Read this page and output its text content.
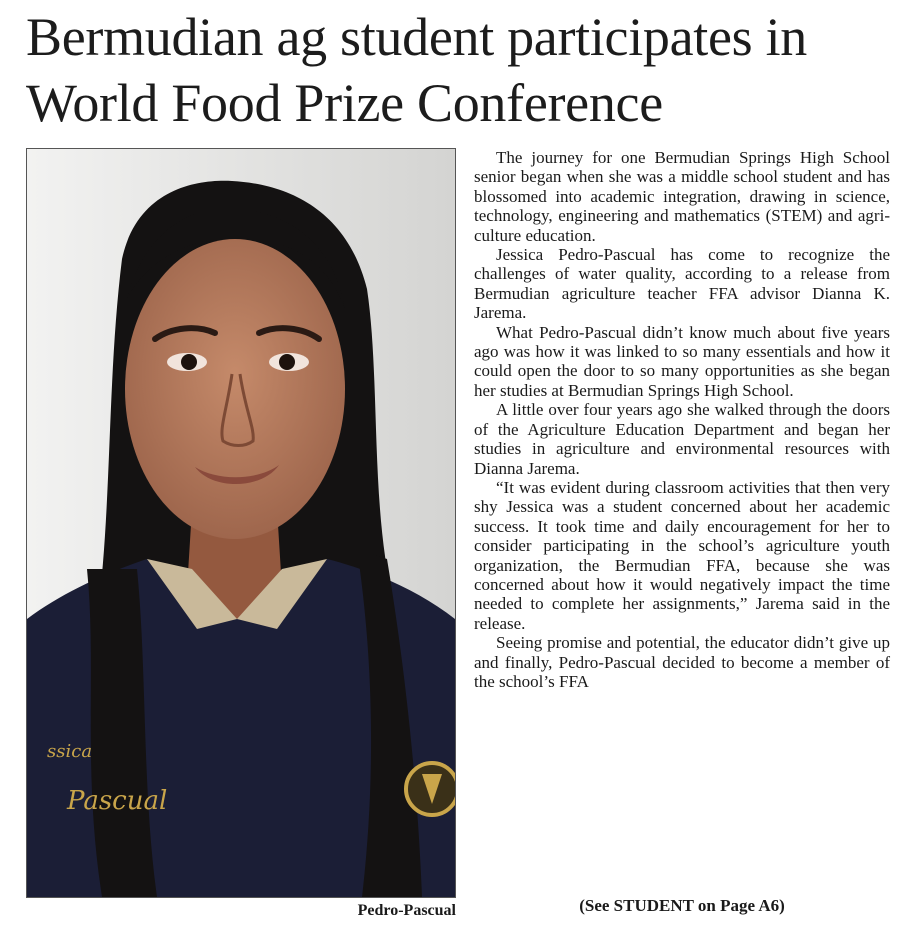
Bermudian ag student participates in World Food Prize Conference
ssica
Pascual
Pedro-Pascual

The journey for one Bermudian Springs High School senior began when she was a middle school student and has blossomed into academic integration, drawing in science, technology, engineering and mathematics (STEM) and agriculture education.

Jessica Pedro-Pascual has come to recognize the challenges of water quality, according to a release from Bermudian agriculture teacher FFA advisor Dianna K. Jarema.

What Pedro-Pascual didn’t know much about five years ago was how it was linked to so many essentials and how it could open the door to so many opportunities as she began her studies at Bermudian Springs High School.

A little over four years ago she walked through the doors of the Agriculture Education Department and began her studies in agriculture and environmental resources with Dianna Jarema.

“It was evident during classroom activities that then very shy Jessica was a student concerned about her academic success. It took time and daily encouragement for her to consider participating in the school’s agriculture youth organization, the Bermudian FFA, because she was concerned about how it would negatively impact the time needed to complete her assignments,” Jarema said in the release.

Seeing promise and potential, the educator didn’t give up and finally, Pedro-Pascual decided to become a member of the school’s FFA

(See STUDENT on Page A6)
